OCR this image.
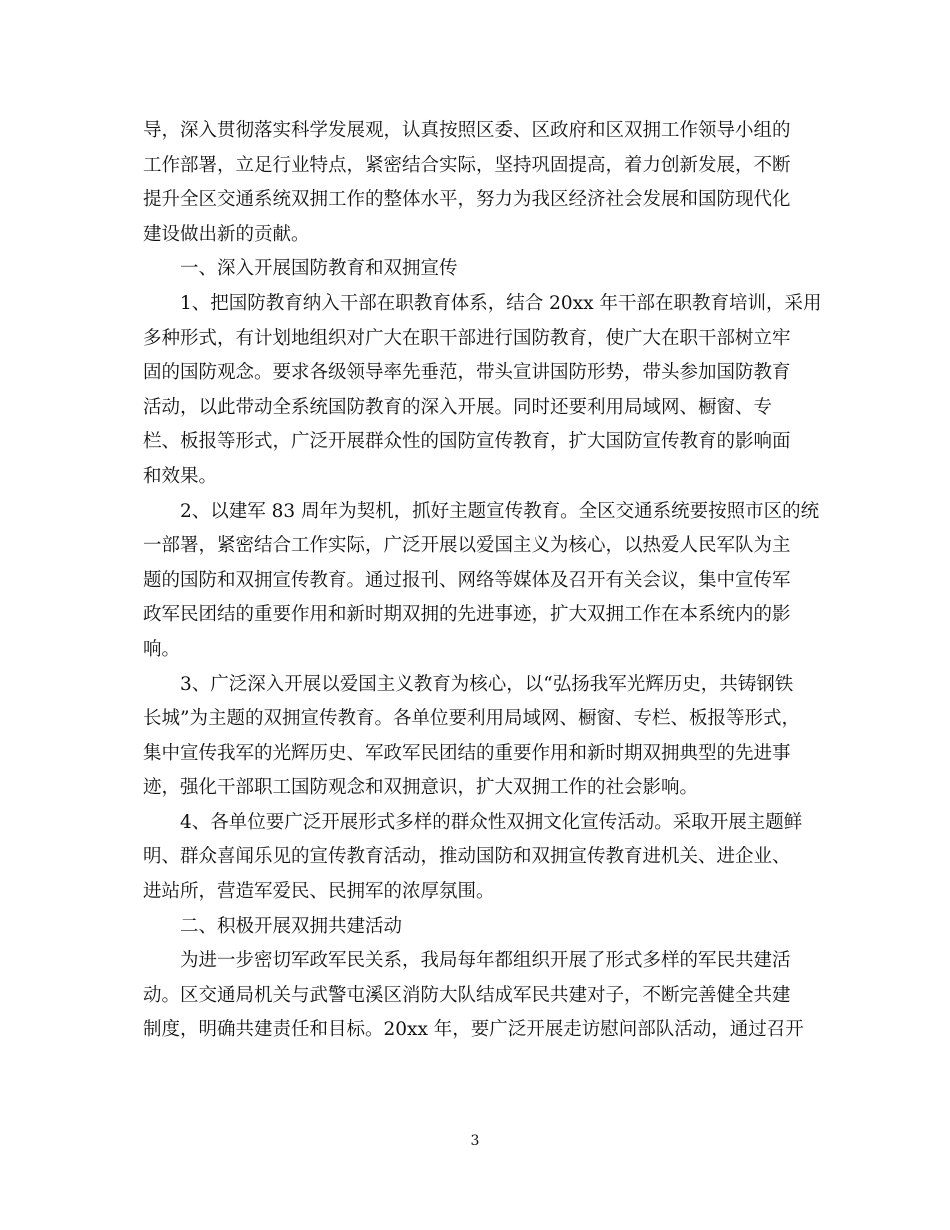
导，深入贯彻落实科学发展观，认真按照区委、区政府和区双拥工作领导小组的
工作部署，立足行业特点，紧密结合实际，坚持巩固提高，着力创新发展，不断
提升全区交通系统双拥工作的整体水平，努力为我区经济社会发展和国防现代化
建设做出新的贡献。
一、深入开展国防教育和双拥宣传
1、把国防教育纳入干部在职教育体系，结合 20xx 年干部在职教育培训，采用
多种形式，有计划地组织对广大在职干部进行国防教育，使广大在职干部树立牢
固的国防观念。要求各级领导率先垂范，带头宣讲国防形势，带头参加国防教育
活动，以此带动全系统国防教育的深入开展。同时还要利用局域网、橱窗、专
栏、板报等形式，广泛开展群众性的国防宣传教育，扩大国防宣传教育的影响面
和效果。
2、以建军 83 周年为契机，抓好主题宣传教育。全区交通系统要按照市区的统
一部署，紧密结合工作实际，广泛开展以爱国主义为核心，以热爱人民军队为主
题的国防和双拥宣传教育。通过报刊、网络等媒体及召开有关会议，集中宣传军
政军民团结的重要作用和新时期双拥的先进事迹，扩大双拥工作在本系统内的影
响。
3、广泛深入开展以爱国主义教育为核心，以“弘扬我军光辉历史，共铸钢铁
长城”为主题的双拥宣传教育。各单位要利用局域网、橱窗、专栏、板报等形式，
集中宣传我军的光辉历史、军政军民团结的重要作用和新时期双拥典型的先进事
迹，强化干部职工国防观念和双拥意识，扩大双拥工作的社会影响。
4、各单位要广泛开展形式多样的群众性双拥文化宣传活动。采取开展主题鲜
明、群众喜闻乐见的宣传教育活动，推动国防和双拥宣传教育进机关、进企业、
进站所，营造军爱民、民拥军的浓厚氛围。
二、积极开展双拥共建活动
为进一步密切军政军民关系，我局每年都组织开展了形式多样的军民共建活
动。区交通局机关与武警屯溪区消防大队结成军民共建对子，不断完善健全共建
制度，明确共建责任和目标。20xx 年，要广泛开展走访慰问部队活动，通过召开
3
